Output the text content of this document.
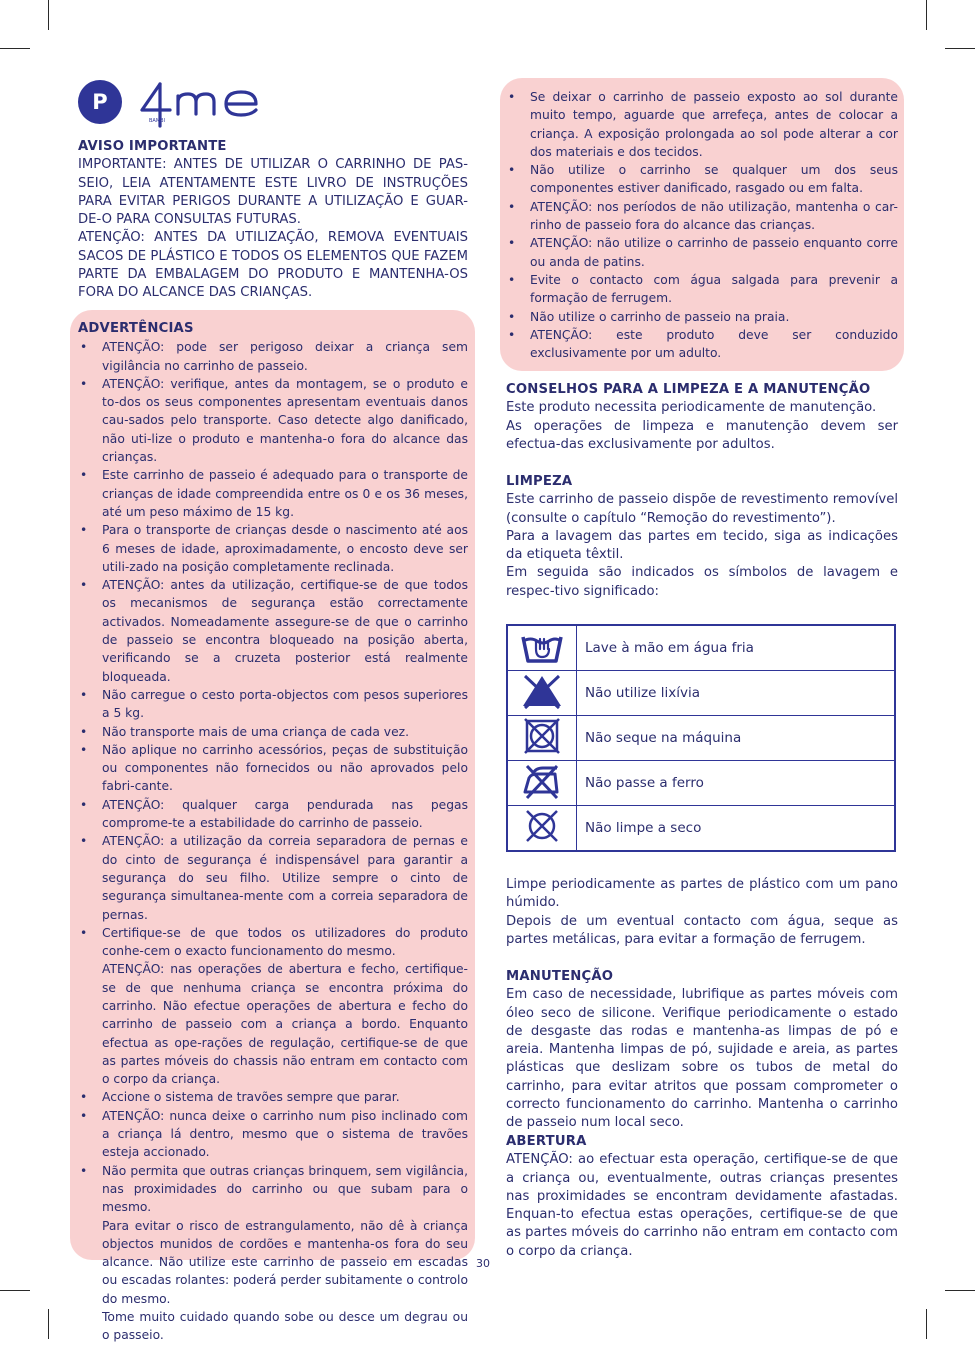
P
BAMBI

AVISO IMPORTANTE

IMPORTANTE: ANTES DE UTILIZAR O CARRINHO DE PAS-SEIO, LEIA ATENTAMENTE ESTE LIVRO DE INSTRUÇÕES PARA EVITAR PERIGOS DURANTE A UTILIZAÇÃO E GUAR-DE-O PARA CONSULTAS FUTURAS.

ATENÇÃO: ANTES DA UTILIZAÇÃO, REMOVA EVENTUAIS SACOS DE PLÁSTICO E TODOS OS ELEMENTOS QUE FAZEM PARTE DA EMBALAGEM DO PRODUTO E MANTENHA-OS FORA DO ALCANCE DAS CRIANÇAS.

ADVERTÊNCIAS

• ATENÇÃO: pode ser perigoso deixar a criança sem vigilância no carrinho de passeio.
• ATENÇÃO: verifique, antes da montagem, se o produto e to-dos os seus componentes apresentam eventuais danos cau-sados pelo transporte. Caso detecte algo danificado, não uti-lize o produto e mantenha-o fora do alcance das crianças.
• Este carrinho de passeio é adequado para o transporte de crianças de idade compreendida entre os 0 e os 36 meses, até um peso máximo de 15 kg.
• Para o transporte de crianças desde o nascimento até aos 6 meses de idade, aproximadamente, o encosto deve ser utili-zado na posição completamente reclinada.
• ATENÇÃO: antes da utilização, certifique-se de que todos os mecanismos de segurança estão correctamente activados. Nomeadamente assegure-se de que o carrinho de passeio se encontra bloqueado na posição aberta, verificando se a cruzeta posterior está realmente bloqueada.
• Não carregue o cesto porta-objectos com pesos superiores a 5 kg.
• Não transporte mais de uma criança de cada vez.
• Não aplique no carrinho acessórios, peças de substituição ou componentes não fornecidos ou não aprovados pelo fabri-cante.
• ATENÇÃO: qualquer carga pendurada nas pegas comprome-te a estabilidade do carrinho de passeio.
• ATENÇÃO: a utilização da correia separadora de pernas e do cinto de segurança é indispensável para garantir a segurança do seu filho. Utilize sempre o cinto de segurança simultanea-mente com a correia separadora de pernas.
• Certifique-se de que todos os utilizadores do produto conhe-cem o exacto funcionamento do mesmo.
ATENÇÃO: nas operações de abertura e fecho, certifique-se de que nenhuma criança se encontra próxima do carrinho. Não efectue operações de abertura e fecho do carrinho de passeio com a criança a bordo. Enquanto efectua as ope-rações de regulação, certifique-se de que as partes móveis do chassis não entram em contacto com o corpo da criança.
• Accione o sistema de travões sempre que parar.
• ATENÇÃO: nunca deixe o carrinho num piso inclinado com a criança lá dentro, mesmo que o sistema de travões esteja accionado.
• Não permita que outras crianças brinquem, sem vigilância, nas proximidades do carrinho ou que subam para o mesmo.
Para evitar o risco de estrangulamento, não dê à criança objectos munidos de cordões e mantenha-os fora do seu alcance. Não utilize este carrinho de passeio em escadas ou escadas rolantes: poderá perder subitamente o controlo do mesmo.
Tome muito cuidado quando sobe ou desce um degrau ou o passeio.
• Se deixar o carrinho de passeio exposto ao sol durante muito tempo, aguarde que arrefeça, antes de colocar a criança. A exposição prolongada ao sol pode alterar a cor dos materiais e dos tecidos.
• Não utilize o carrinho se qualquer um dos seus componentes estiver danificado, rasgado ou em falta.
• ATENÇÃO: nos períodos de não utilização, mantenha o car-rinho de passeio fora do alcance das crianças.
• ATENÇÃO: não utilize o carrinho de passeio enquanto corre ou anda de patins.
• Evite o contacto com água salgada para prevenir a formação de ferrugem.
• Não utilize o carrinho de passeio na praia.
• ATENÇÃO: este produto deve ser conduzido exclusivamente por um adulto.

CONSELHOS PARA A LIMPEZA E A MANUTENÇÃO

Este produto necessita periodicamente de manutenção.

As operações de limpeza e manutenção devem ser efectua-das exclusivamente por adultos.

LIMPEZA

Este carrinho de passeio dispõe de revestimento removível (consulte o capítulo “Remoção do revestimento”).

Para a lavagem das partes em tecido, siga as indicações da etiqueta têxtil.

Em seguida são indicados os símbolos de lavagem e respec-tivo significado:

	Lave à mão em água fria
	Não utilize lixívia
	Não seque na máquina
	Não passe a ferro
	Não limpe a seco

Limpe periodicamente as partes de plástico com um pano húmido.

Depois de um eventual contacto com água, seque as partes metálicas, para evitar a formação de ferrugem.

MANUTENÇÃO

Em caso de necessidade, lubrifique as partes móveis com óleo seco de silicone. Verifique periodicamente o estado de desgaste das rodas e mantenha-as limpas de pó e areia. Mantenha limpas de pó, sujidade e areia, as partes plásticas que deslizam sobre os tubos de metal do carrinho, para evitar atritos que possam comprometer o correcto funcionamento do carrinho. Mantenha o carrinho de passeio num local seco.

ABERTURA

ATENÇÃO: ao efectuar esta operação, certifique-se de que a criança ou, eventualmente, outras crianças presentes nas proximidades se encontram devidamente afastadas. Enquan-to efectua estas operações, certifique-se de que as partes móveis do carrinho não entram em contacto com o corpo da criança.

30
